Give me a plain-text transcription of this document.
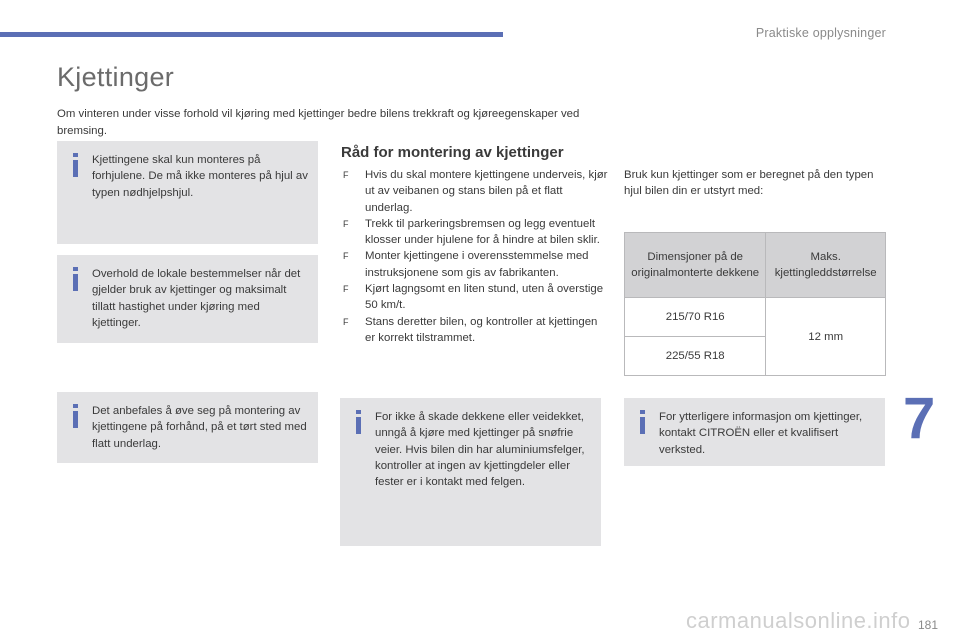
Praktiske opplysninger
Kjettinger
Om vinteren under visse forhold vil kjøring med kjettinger bedre bilens trekkraft og kjøreegenskaper ved bremsing.
Kjettingene skal kun monteres på forhjulene. De må ikke monteres på hjul av typen nødhjelpshjul.
Overhold de lokale bestemmelser når det gjelder bruk av kjettinger og maksimalt tillatt hastighet under kjøring med kjettinger.
Det anbefales å øve seg på montering av kjettingene på forhånd, på et tørt sted med flatt underlag.
Råd for montering av kjettinger
F Hvis du skal montere kjettingene underveis, kjør ut av veibanen og stans bilen på et flatt underlag.
F Trekk til parkeringsbremsen og legg eventuelt klosser under hjulene for å hindre at bilen sklir.
F Monter kjettingene i overensstemmelse med instruksjonene som gis av fabrikanten.
F Kjørt lagngsomt en liten stund, uten å overstige 50 km/t.
F Stans deretter bilen, og kontroller at kjettingen er korrekt tilstrammet.
For ikke å skade dekkene eller veidekket, unngå å kjøre med kjettinger på snøfrie veier. Hvis bilen din har aluminiumsfelger, kontroller at ingen av kjettingdeler eller fester er i kontakt med felgen.
Bruk kun kjettinger som er beregnet på den typen hjul bilen din er utstyrt med:
Dimensjoner på de originalmonterte dekkene	Maks. kjettingleddstørrelse
215/70 R16	12 mm
225/55 R18	
For ytterligere informasjon om kjettinger, kontakt CITROËN eller et kvalifisert verksted.	7
carmanualsonline.info 181
